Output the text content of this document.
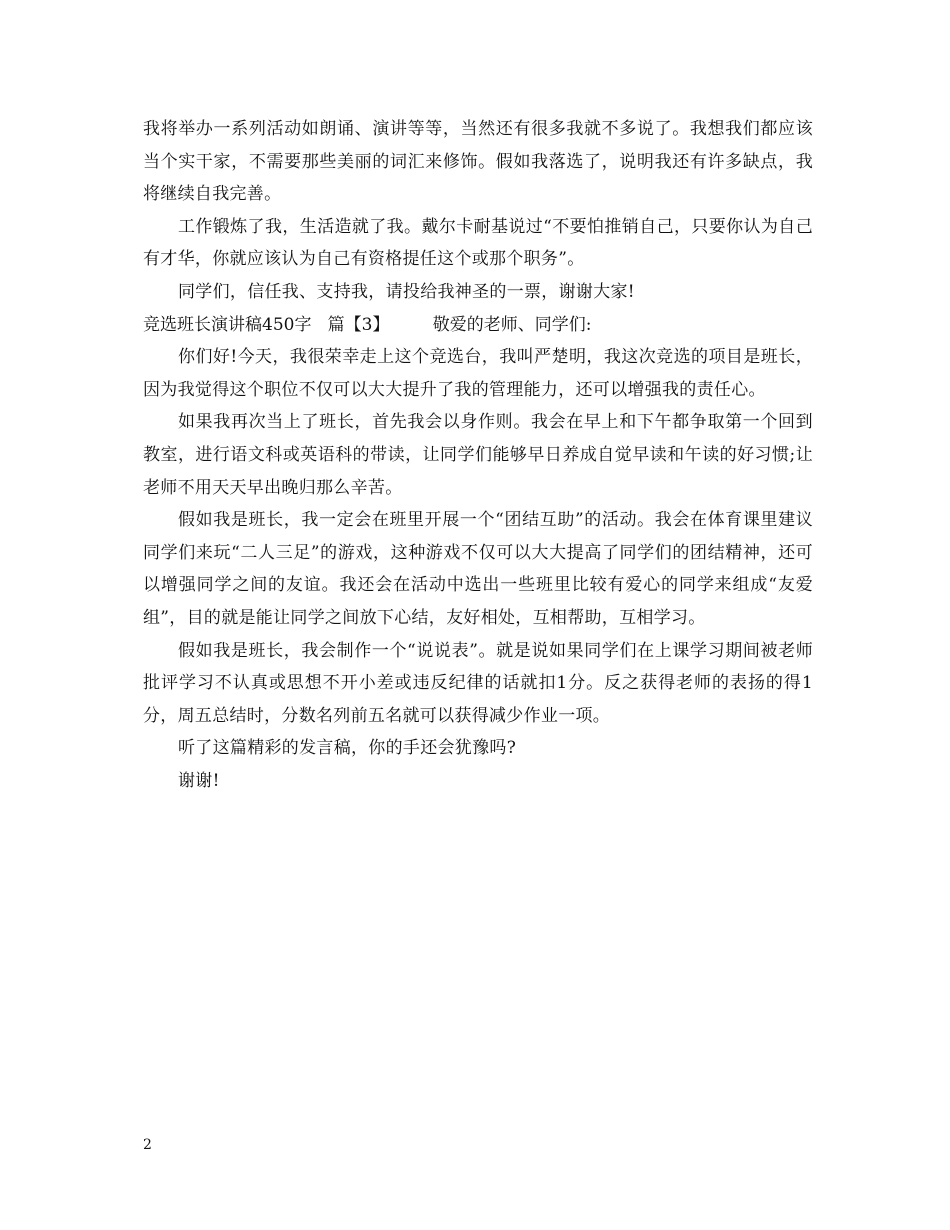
我将举办一系列活动如朗诵、演讲等等，当然还有很多我就不多说了。我想我们都应该当个实干家，不需要那些美丽的词汇来修饰。假如我落选了，说明我还有许多缺点，我将继续自我完善。

工作锻炼了我，生活造就了我。戴尔卡耐基说过“不要怕推销自己，只要你认为自己有才华，你就应该认为自己有资格提任这个或那个职务”。

同学们，信任我、支持我，请投给我神圣的一票，谢谢大家!

竞选班长演讲稿450字 篇【3】	敬爱的老师、同学们:

你们好!今天，我很荣幸走上这个竞选台，我叫严楚明，我这次竞选的项目是班长，因为我觉得这个职位不仅可以大大提升了我的管理能力，还可以增强我的责任心。

如果我再次当上了班长，首先我会以身作则。我会在早上和下午都争取第一个回到教室，进行语文科或英语科的带读，让同学们能够早日养成自觉早读和午读的好习惯;让老师不用天天早出晚归那么辛苦。

假如我是班长，我一定会在班里开展一个“团结互助”的活动。我会在体育课里建议同学们来玩“二人三足”的游戏，这种游戏不仅可以大大提高了同学们的团结精神，还可以增强同学之间的友谊。我还会在活动中选出一些班里比较有爱心的同学来组成“友爱组”，目的就是能让同学之间放下心结，友好相处，互相帮助，互相学习。

假如我是班长，我会制作一个“说说表”。就是说如果同学们在上课学习期间被老师批评学习不认真或思想不开小差或违反纪律的话就扣1分。反之获得老师的表扬的得1分，周五总结时，分数名列前五名就可以获得减少作业一项。

听了这篇精彩的发言稿，你的手还会犹豫吗?

谢谢!

2
